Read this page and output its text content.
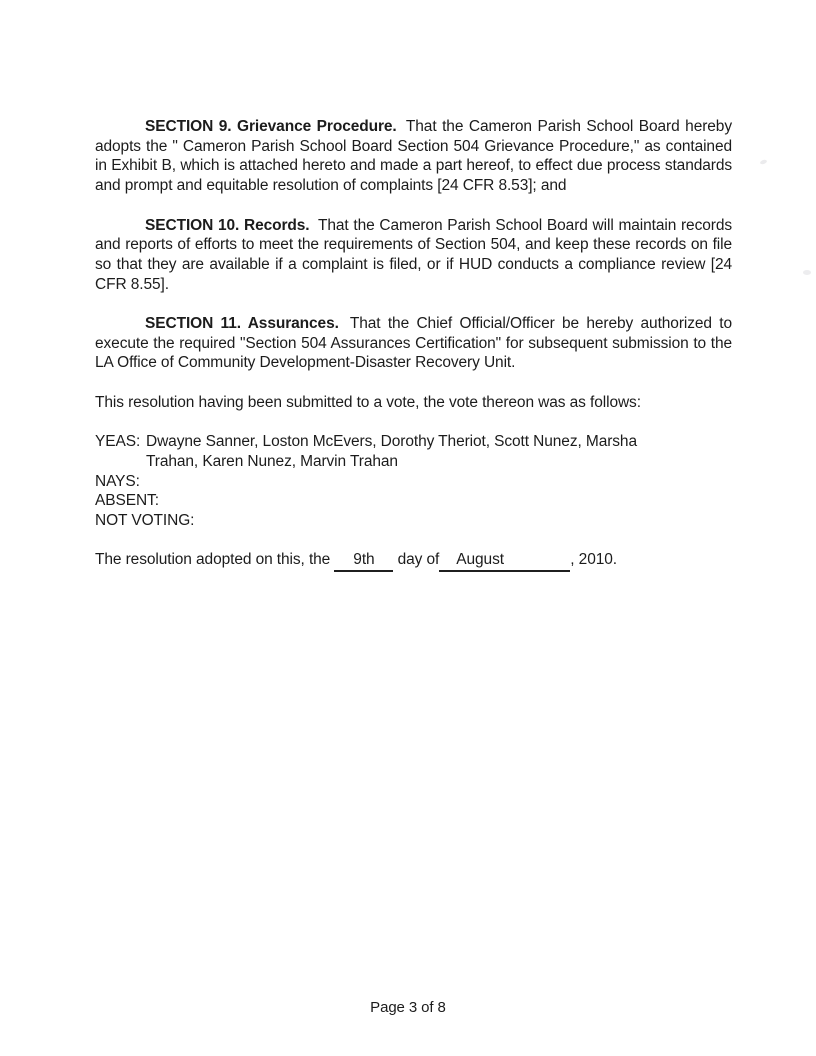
SECTION 9. Grievance Procedure. That the Cameron Parish School Board hereby adopts the " Cameron Parish School Board Section 504 Grievance Procedure," as contained in Exhibit B, which is attached hereto and made a part hereof, to effect due process standards and prompt and equitable resolution of complaints [24 CFR 8.53]; and

SECTION 10. Records. That the Cameron Parish School Board will maintain records and reports of efforts to meet the requirements of Section 504, and keep these records on file so that they are available if a complaint is filed, or if HUD conducts a compliance review [24 CFR 8.55].

SECTION 11. Assurances. That the Chief Official/Officer be hereby authorized to execute the required "Section 504 Assurances Certification" for subsequent submission to the LA Office of Community Development-Disaster Recovery Unit.

This resolution having been submitted to a vote, the vote thereon was as follows:

YEAS: Dwayne Sanner, Loston McEvers, Dorothy Theriot, Scott Nunez, Marsha Trahan, Karen Nunez, Marvin Trahan
NAYS:
ABSENT:
NOT VOTING:

The resolution adopted on this, the 9th day of August	, 2010.

Page 3 of 8
